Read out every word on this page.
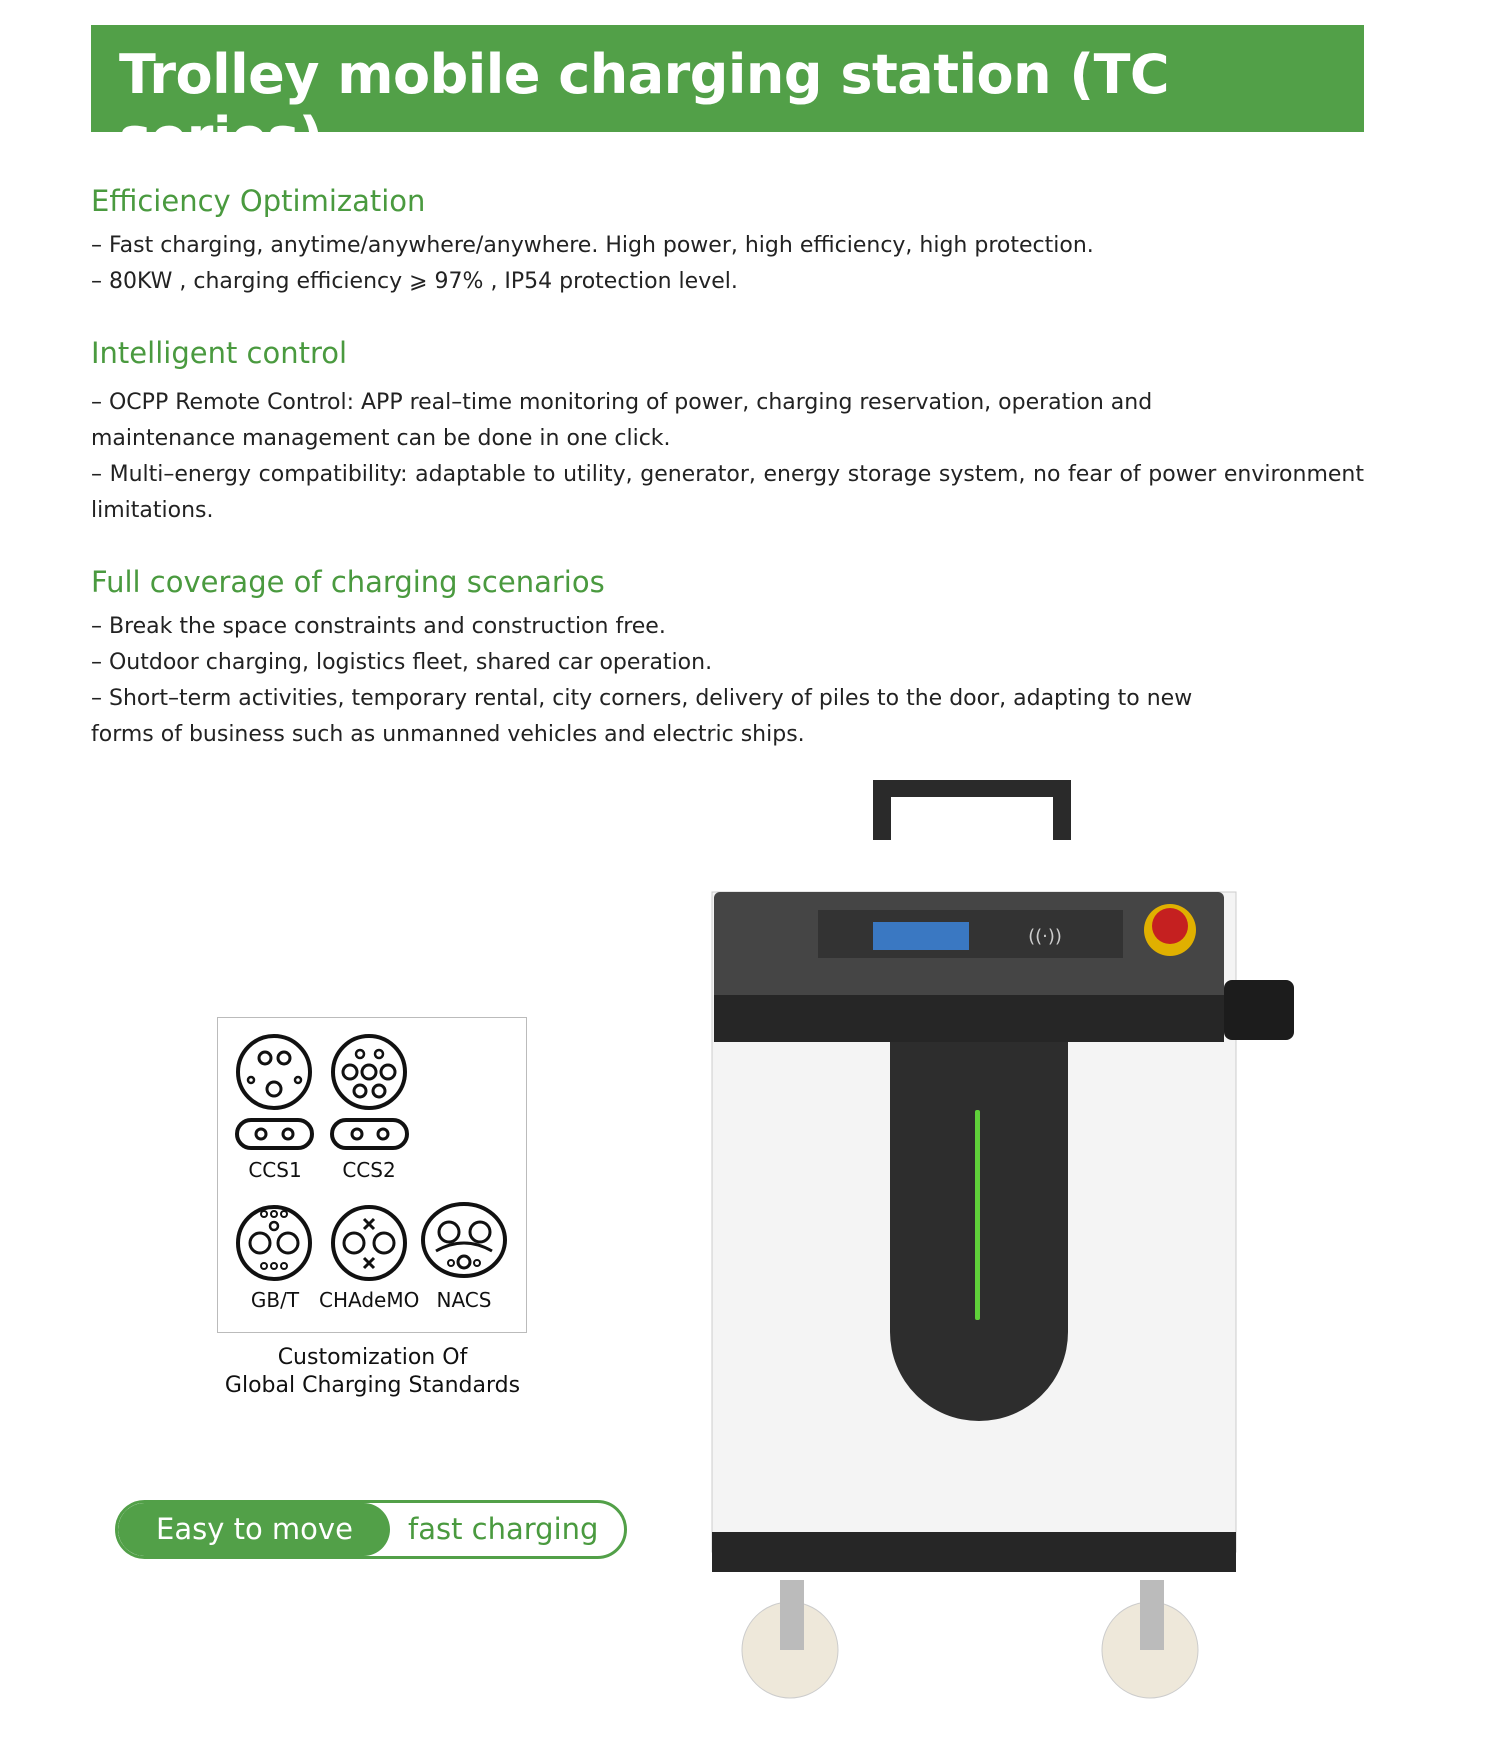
Trolley mobile charging station (TC series)
Efficiency Optimization
– Fast charging, anytime/anywhere/anywhere. High power, high efficiency, high protection.
– 80KW , charging efficiency ⩾ 97% , IP54 protection level.
Intelligent control
– OCPP Remote Control: APP real–time monitoring of power, charging reservation, operation and maintenance management can be done in one click.
– Multi–energy compatibility: adaptable to utility, generator, energy storage system, no fear of power environment limitations.
Full coverage of charging scenarios
– Break the space constraints and construction free.
– Outdoor charging, logistics fleet, shared car operation.
– Short–term activities, temporary rental, city corners, delivery of piles to the door, adapting to new forms of business such as unmanned vehicles and electric ships.
CCS1	CCS2
GB/T CHAdeMO NACS
Customization Of
Global Charging Standards
Easy to move	fast charging
((·))
